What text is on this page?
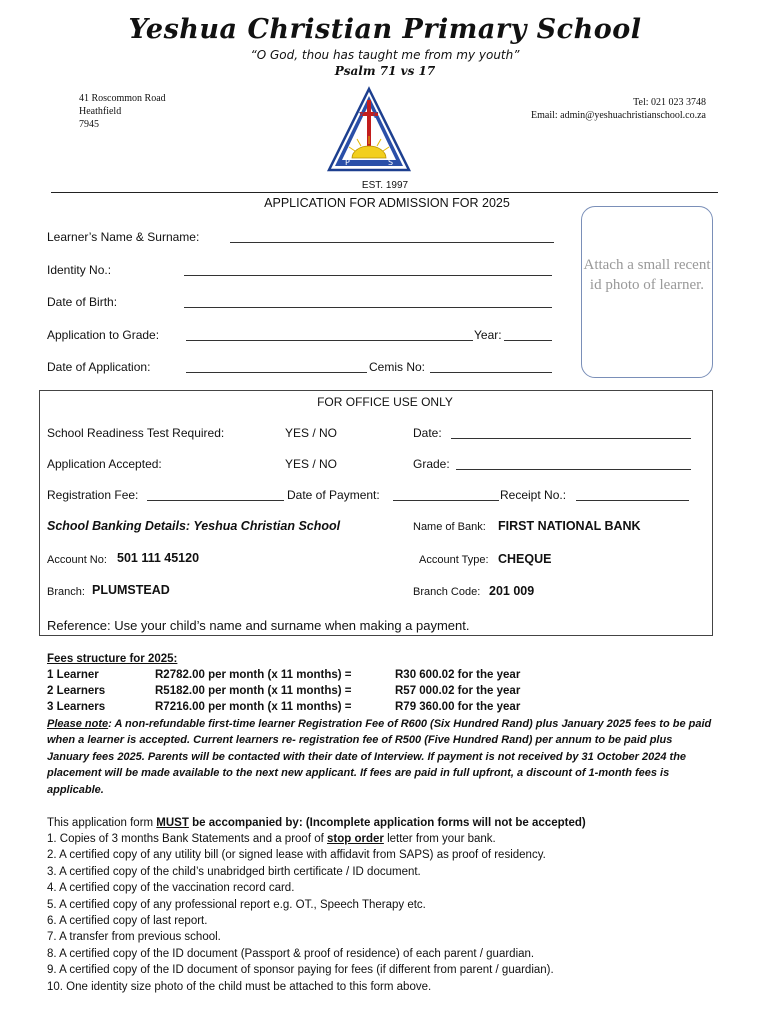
Yeshua Christian Primary School
“O God, thou has taught me from my youth”
Psalm 71 vs 17
41 Roscommon Road
Heathfield
7945
Tel: 021 023 3748
Email: admin@yeshuachristianschool.co.za
Y C
P	S
EST. 1997
APPLICATION FOR ADMISSION FOR 2025
Learner’s Name & Surname:
Identity No.:
Date of Birth:
Application to Grade:	Year:
Date of Application:	Cemis No:
Attach a small recent id photo of learner.
FOR OFFICE USE ONLY
School Readiness Test Required:	YES / NO	Date:
Application Accepted:	YES / NO	Grade:
Registration Fee:	Date of Payment:	Receipt No.:
School Banking Details: Yeshua Christian School	Name of Bank: FIRST NATIONAL BANK
Account No: 501 111 45120	Account Type: CHEQUE
Branch: PLUMSTEAD	Branch Code: 201 009
Reference: Use your child’s name and surname when making a payment.
Fees structure for 2025:
1 Learner	R2782.00 per month (x 11 months) =	R30 600.02 for the year
2 Learners	R5182.00 per month (x 11 months) =	R57 000.02 for the year
3 Learners	R7216.00 per month (x 11 months) =	R79 360.00 for the year
Please note: A non-refundable first-time learner Registration Fee of R600 (Six Hundred Rand) plus January 2025 fees to be paid when a learner is accepted. Current learners re- registration fee of R500 (Five Hundred Rand) per annum to be paid plus January fees 2025. Parents will be contacted with their date of Interview. If payment is not received by 31 October 2024 the placement will be made available to the next new applicant. If fees are paid in full upfront, a discount of 1-month fees is applicable.
This application form MUST be accompanied by: (Incomplete application forms will not be accepted)
1. Copies of 3 months Bank Statements and a proof of stop order letter from your bank.
2. A certified copy of any utility bill (or signed lease with affidavit from SAPS) as proof of residency.
3. A certified copy of the child’s unabridged birth certificate / ID document.
4. A certified copy of the vaccination record card.
5. A certified copy of any professional report e.g. OT., Speech Therapy etc.
6. A certified copy of last report.
7. A transfer from previous school.
8. A certified copy of the ID document (Passport & proof of residence) of each parent / guardian.
9. A certified copy of the ID document of sponsor paying for fees (if different from parent / guardian).
10. One identity size photo of the child must be attached to this form above.
